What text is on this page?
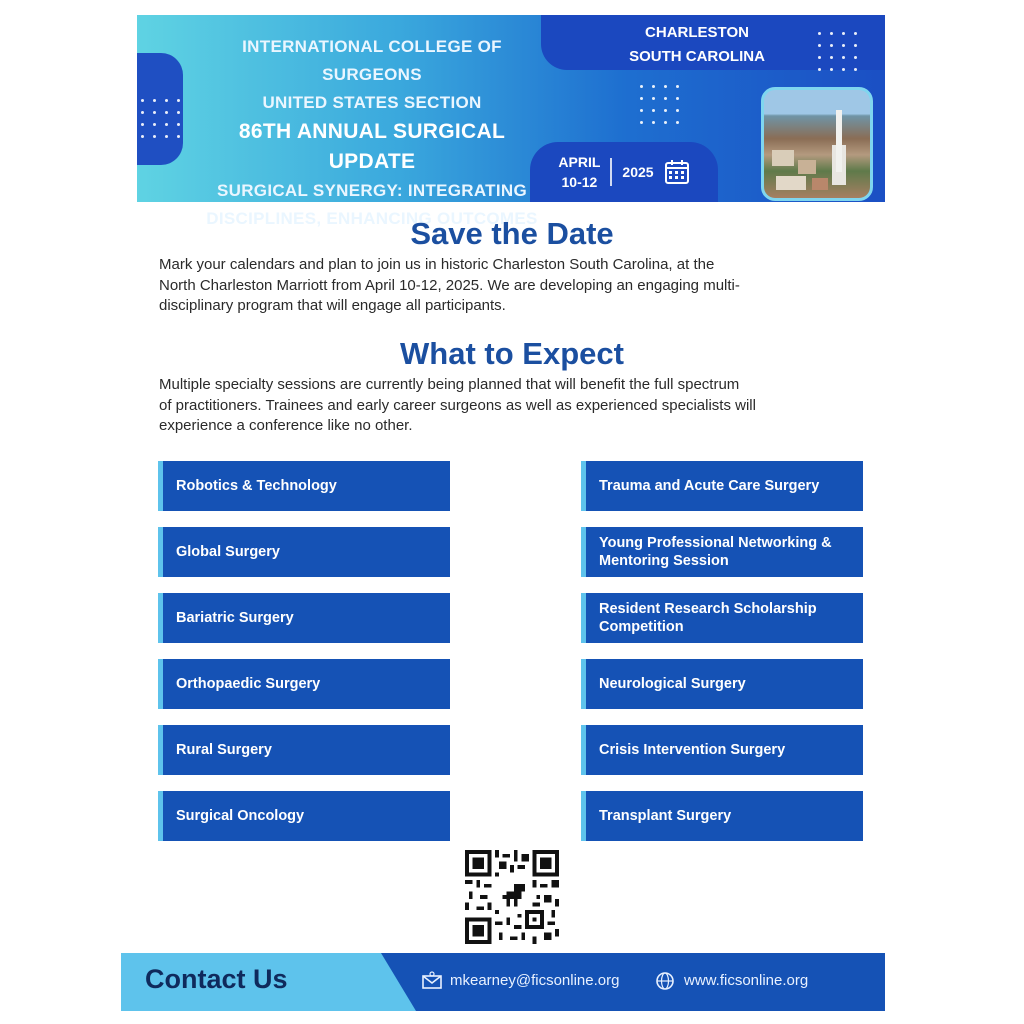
INTERNATIONAL COLLEGE OF SURGEONS
UNITED STATES SECTION
86TH ANNUAL SURGICAL UPDATE
SURGICAL SYNERGY: INTEGRATING
DISCIPLINES, ENHANCING OUTCOMES
CHARLESTON
SOUTH CAROLINA
APRIL
10-12
2025
Save the Date
Mark your calendars and plan to join us in historic Charleston South Carolina, at the
North Charleston Marriott from April 10-12, 2025. We are developing an engaging multi-
disciplinary program that will engage all participants.
What to Expect
Multiple specialty sessions are currently being planned that will benefit the full spectrum
of practitioners. Trainees and early career surgeons as well as experienced specialists will
experience a conference like no other.
Robotics & Technology
Global Surgery
Bariatric Surgery
Orthopaedic Surgery
Rural Surgery
Surgical Oncology
Trauma and Acute Care Surgery
Young Professional Networking &
Mentoring Session
Resident Research Scholarship
Competition
Neurological Surgery
Crisis Intervention Surgery
Transplant Surgery
Contact Us	mkearney@ficsonline.org	www.ficsonline.org
